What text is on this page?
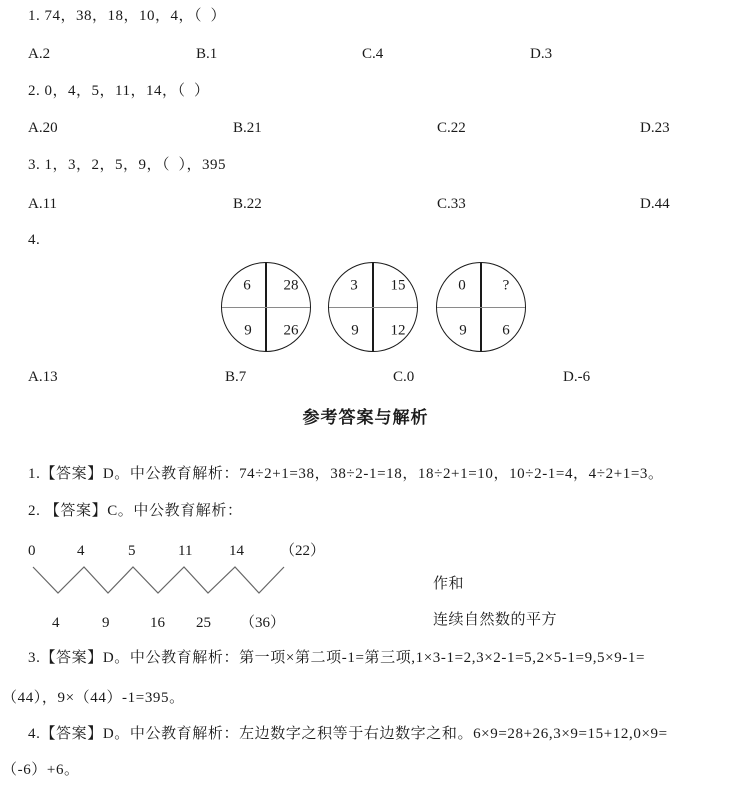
1. 74，38，18，10，4，（  ）
A.2	B.1	C.4	D.3
2. 0，4，5，11，14，（  ）
A.20	B.21	C.22	D.23
3. 1，3，2，5，9，（  ），395
A.11	B.22	C.33	D.44
4.
6 28
9 26
3 15
9 12
0 ?
9 6
A.13	B.7	C.0	D.-6
参考答案与解析
1.【答案】D。中公教育解析：74÷2+1=38，38÷2-1=18，18÷2+1=10，10÷2-1=4，4÷2+1=3。
2. 【答案】C。中公教育解析：
0	4	5	11 14 （22）
4	9	16 25 （36）
作和
连续自然数的平方
3.【答案】D。中公教育解析：第一项×第二项-1=第三项,1×3-1=2,3×2-1=5,2×5-1=9,5×9-1=
（44），9×（44）-1=395。
4.【答案】D。中公教育解析：左边数字之积等于右边数字之和。6×9=28+26,3×9=15+12,0×9=
（-6）+6。
